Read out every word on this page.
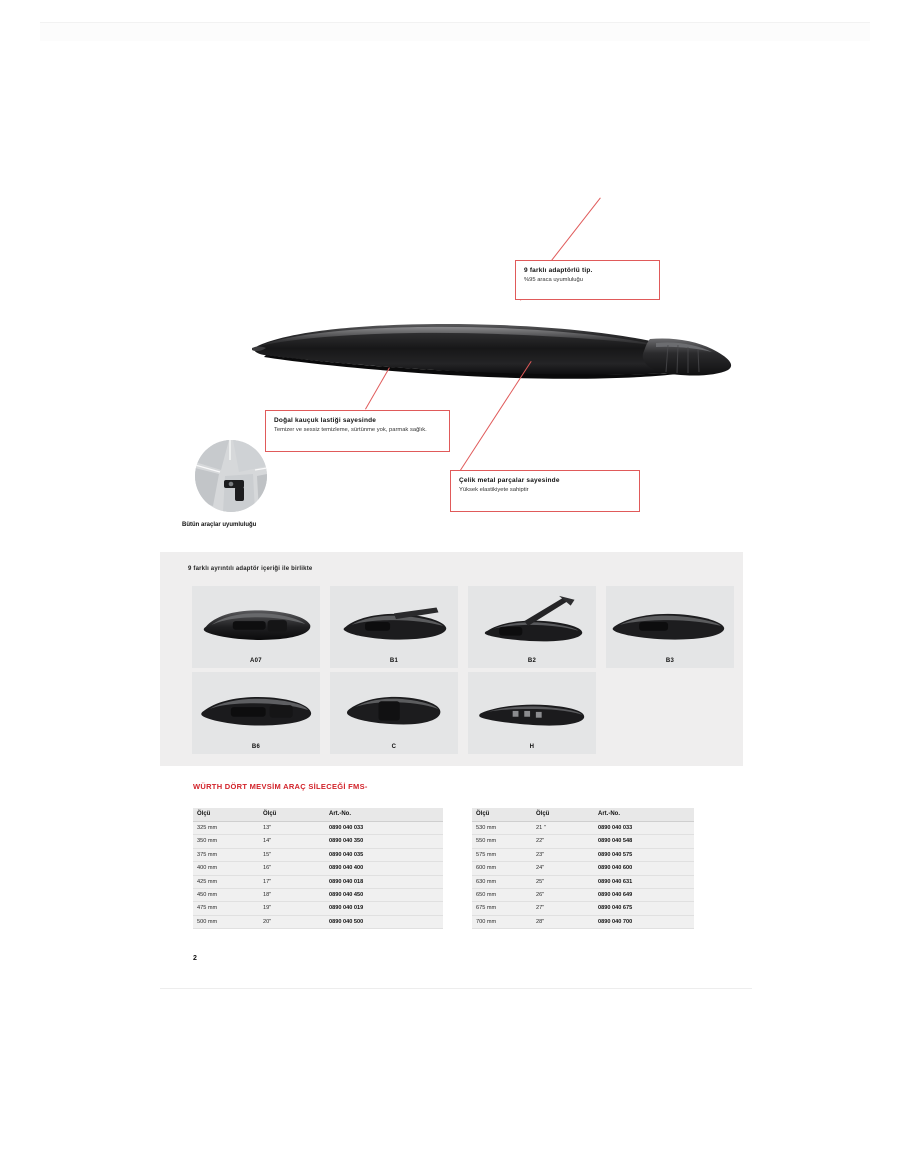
9 farklı adaptörlü tip.
%95 araca uyumluluğu
Doğal kauçuk lastiği sayesinde
Temizer ve sessiz temizleme, sürtünme yok, parmak sağlık.
Çelik metal parçalar sayesinde
Yüksek elastikiyete sahiptir
Bütün araçlar uyumluluğu
9 farklı ayrıntılı adaptör içeriği ile birlikte
A07	B1	B2	B3
B6	C	H
WÜRTH DÖRT MEVSİM ARAÇ SİLECEĞİ FMS-
Ölçü	Ölçü	Art.-No.
325 mm	13"	0890 040 033
350 mm	14"	0890 040 350
375 mm	15"	0890 040 035
400 mm	16"	0890 040 400
425 mm	17"	0890 040 018
450 mm	18"	0890 040 450
475 mm	19"	0890 040 019
500 mm	20"	0890 040 500
Ölçü	Ölçü	Art.-No.
530 mm	21 "	0890 040 033
550 mm	22"	0890 040 548
575 mm	23"	0890 040 575
600 mm	24"	0890 040 600
630 mm	25"	0890 040 631
650 mm	26"	0890 040 649
675 mm	27"	0890 040 675
700 mm	28"	0890 040 700
2
